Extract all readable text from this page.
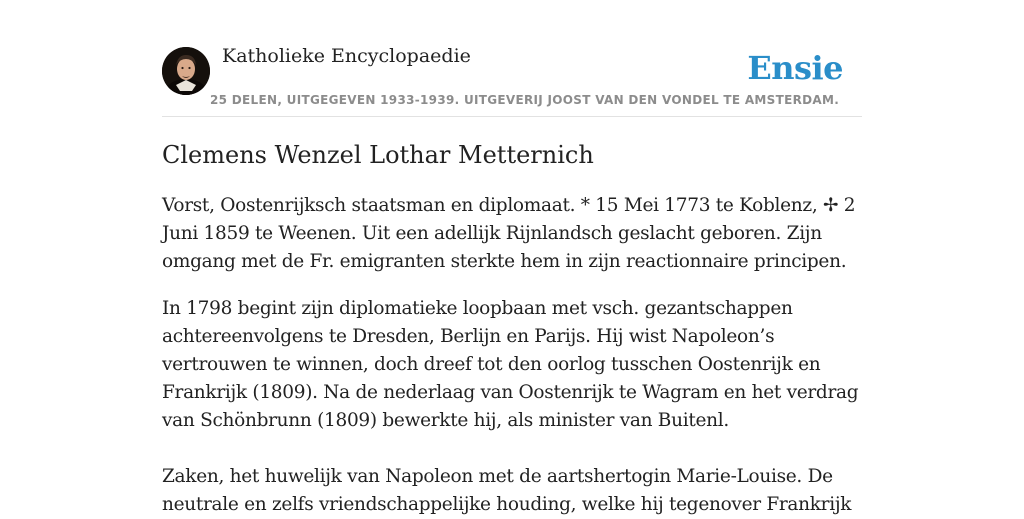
Katholieke Encyclopaedie	Ensie
25 DELEN, UITGEGEVEN 1933-1939. UITGEVERIJ JOOST VAN DEN VONDEL TE AMSTERDAM.
Clemens Wenzel Lothar Metternich

Vorst, Oostenrijksch staatsman en diplomaat. * 15 Mei 1773 te Koblenz, ✢ 2 Juni 1859 te Weenen. Uit een adellijk Rijnlandsch geslacht geboren. Zijn omgang met de Fr. emigranten sterkte hem in zijn reactionnaire principen.

In 1798 begint zijn diplomatieke loopbaan met vsch. gezantschappen achtereenvolgens te Dresden, Berlijn en Parijs. Hij wist Napoleon’s vertrouwen te winnen, doch dreef tot den oorlog tusschen Oostenrijk en Frankrijk (1809). Na de nederlaag van Oostenrijk te Wagram en het verdrag van Schönbrunn (1809) bewerkte hij, als minister van Buitenl.

Zaken, het huwelijk van Napoleon met de aartshertogin Marie-Louise. De neutrale en zelfs vriendschappelijke houding, welke hij tegenover Frankrijk
